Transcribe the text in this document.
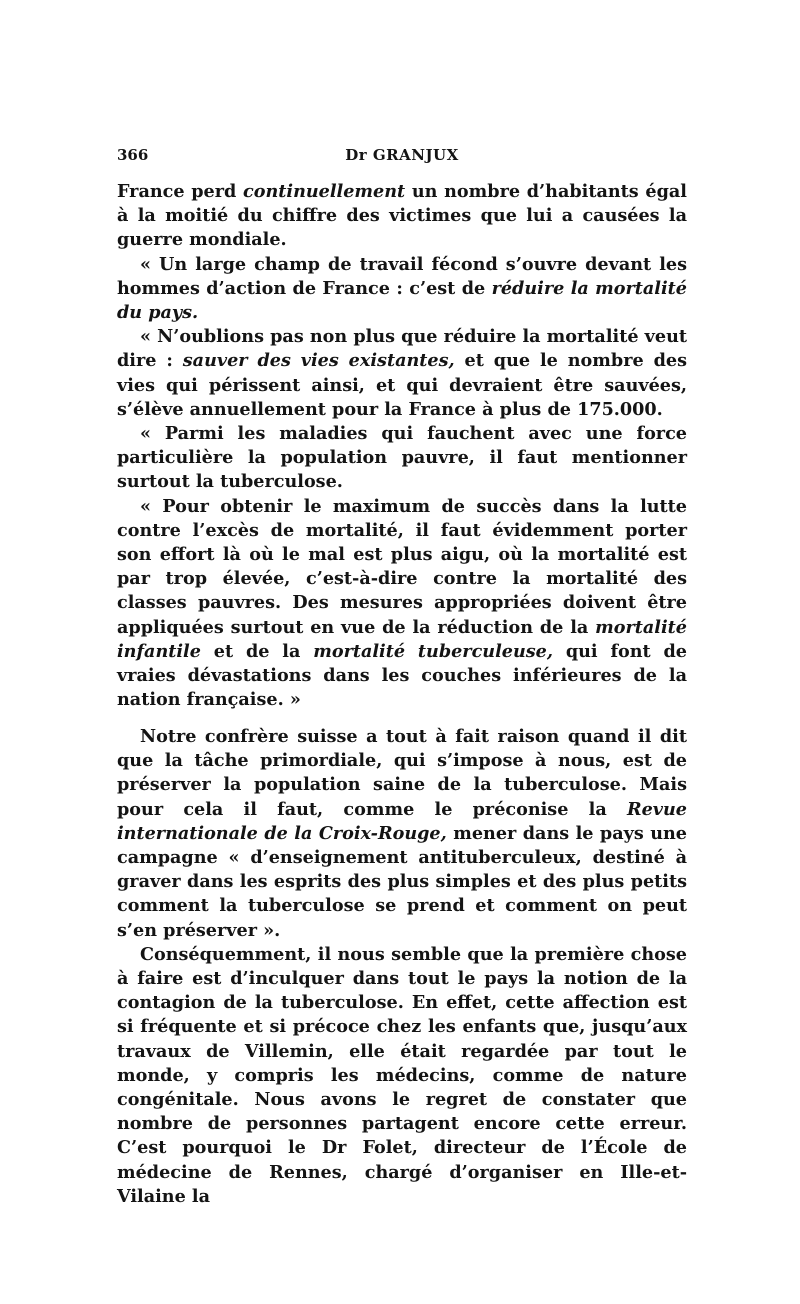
366	Dr GRANJUX

France perd continuellement un nombre d’habitants égal à la moitié du chiffre des victimes que lui a causées la guerre mondiale.

« Un large champ de travail fécond s’ouvre devant les hommes d’action de France : c’est de réduire la mortalité du pays.

« N’oublions pas non plus que réduire la mortalité veut dire : sauver des vies existantes, et que le nombre des vies qui périssent ainsi, et qui devraient être sauvées, s’élève annuellement pour la France à plus de 175.000.

« Parmi les maladies qui fauchent avec une force particulière la population pauvre, il faut mentionner surtout la tuberculose.

« Pour obtenir le maximum de succès dans la lutte contre l’excès de mortalité, il faut évidemment porter son effort là où le mal est plus aigu, où la mortalité est par trop élevée, c’est-à-dire contre la mortalité des classes pauvres. Des mesures appropriées doivent être appliquées surtout en vue de la réduction de la mortalité infantile et de la mortalité tuberculeuse, qui font de vraies dévastations dans les couches inférieures de la nation française. »

Notre confrère suisse a tout à fait raison quand il dit que la tâche primordiale, qui s’impose à nous, est de préserver la population saine de la tuberculose. Mais pour cela il faut, comme le préconise la Revue internationale de la Croix-Rouge, mener dans le pays une campagne « d’enseignement antituberculeux, destiné à graver dans les esprits des plus simples et des plus petits comment la tuberculose se prend et comment on peut s’en préserver ».

Conséquemment, il nous semble que la première chose à faire est d’inculquer dans tout le pays la notion de la contagion de la tuberculose. En effet, cette affection est si fréquente et si précoce chez les enfants que, jusqu’aux travaux de Villemin, elle était regardée par tout le monde, y compris les médecins, comme de nature congénitale. Nous avons le regret de constater que nombre de personnes partagent encore cette erreur. C’est pourquoi le Dr Folet, directeur de l’École de médecine de Rennes, chargé d’organiser en Ille-et-Vilaine la
